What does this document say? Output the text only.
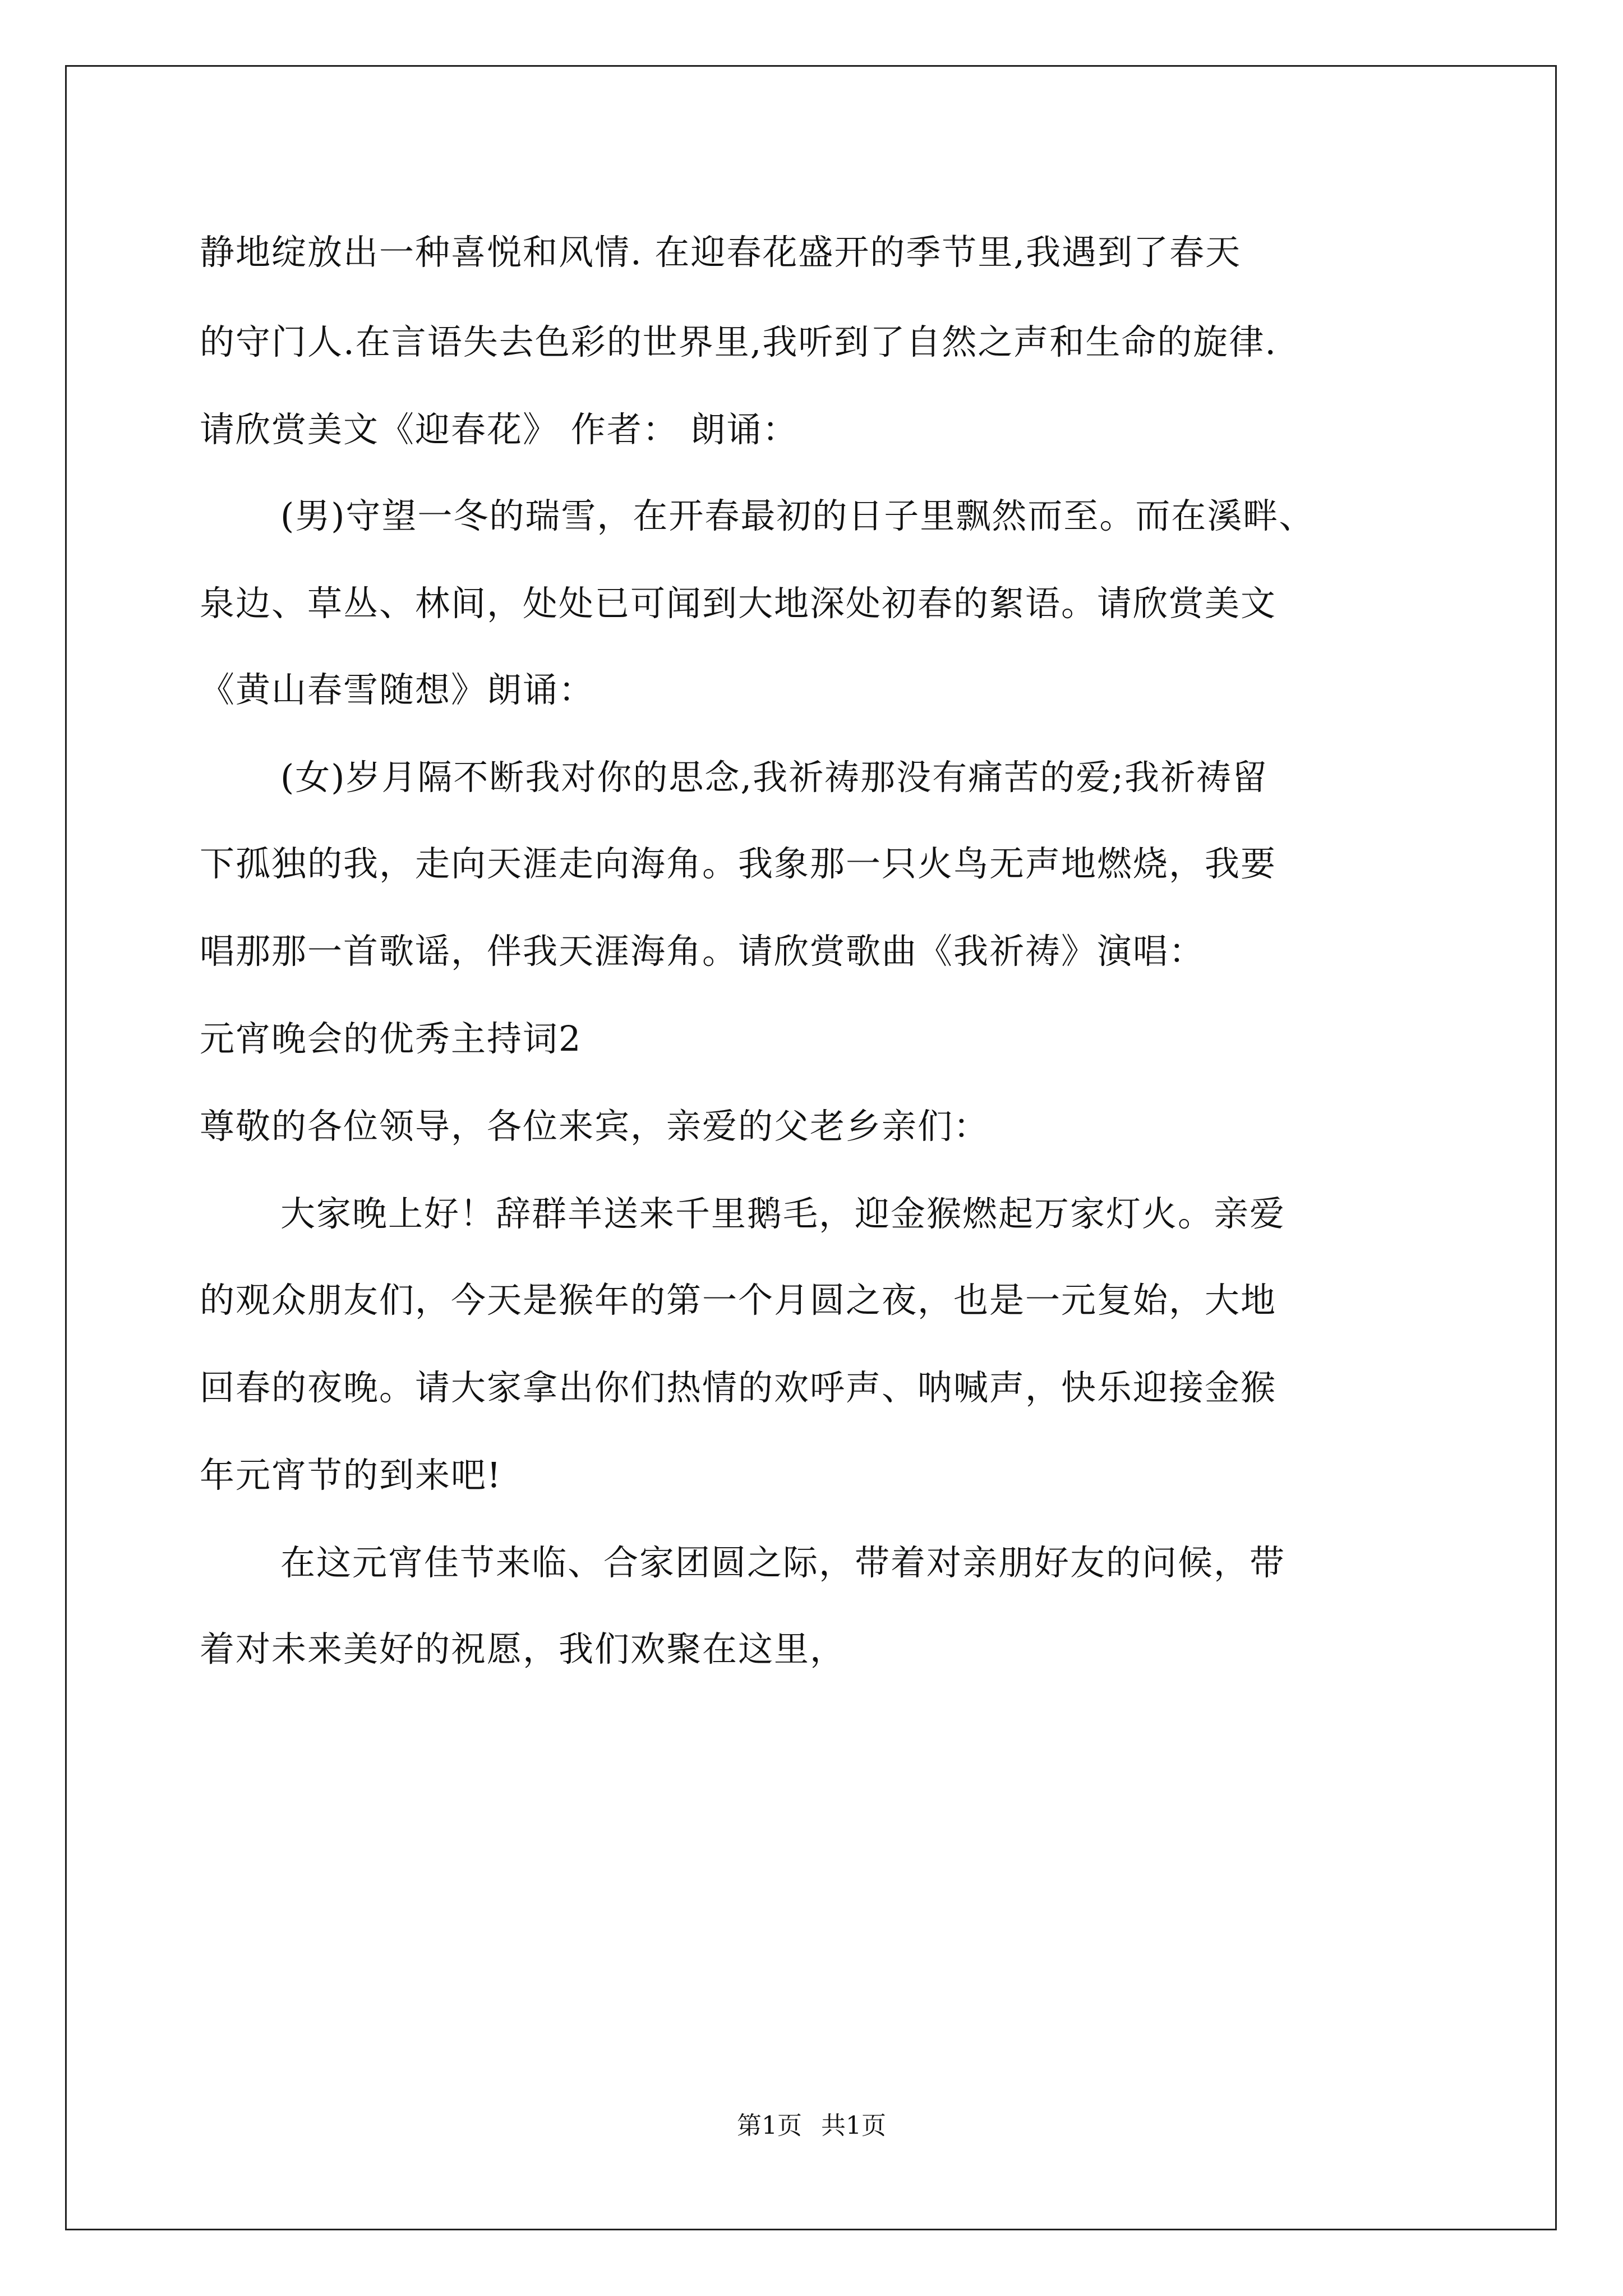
静地绽放出一种喜悦和风情. 在迎春花盛开的季节里,我遇到了春天
的守门人.在言语失去色彩的世界里,我听到了自然之声和生命的旋律.
请欣赏美文《迎春花》 作者： 朗诵：
(男)守望一冬的瑞雪，在开春最初的日子里飘然而至。而在溪畔、
泉边、草丛、林间，处处已可闻到大地深处初春的絮语。请欣赏美文
《黄山春雪随想》朗诵：
(女)岁月隔不断我对你的思念,我祈祷那没有痛苦的爱;我祈祷留
下孤独的我，走向天涯走向海角。我象那一只火鸟无声地燃烧，我要
唱那那一首歌谣，伴我天涯海角。请欣赏歌曲《我祈祷》演唱：
元宵晚会的优秀主持词2
尊敬的各位领导，各位来宾，亲爱的父老乡亲们：
大家晚上好！辞群羊送来千里鹅毛，迎金猴燃起万家灯火。亲爱
的观众朋友们，今天是猴年的第一个月圆之夜，也是一元复始，大地
回春的夜晚。请大家拿出你们热情的欢呼声、呐喊声，快乐迎接金猴
年元宵节的到来吧!
在这元宵佳节来临、合家团圆之际，带着对亲朋好友的问候，带
着对未来美好的祝愿，我们欢聚在这里，
第1页 共1页
